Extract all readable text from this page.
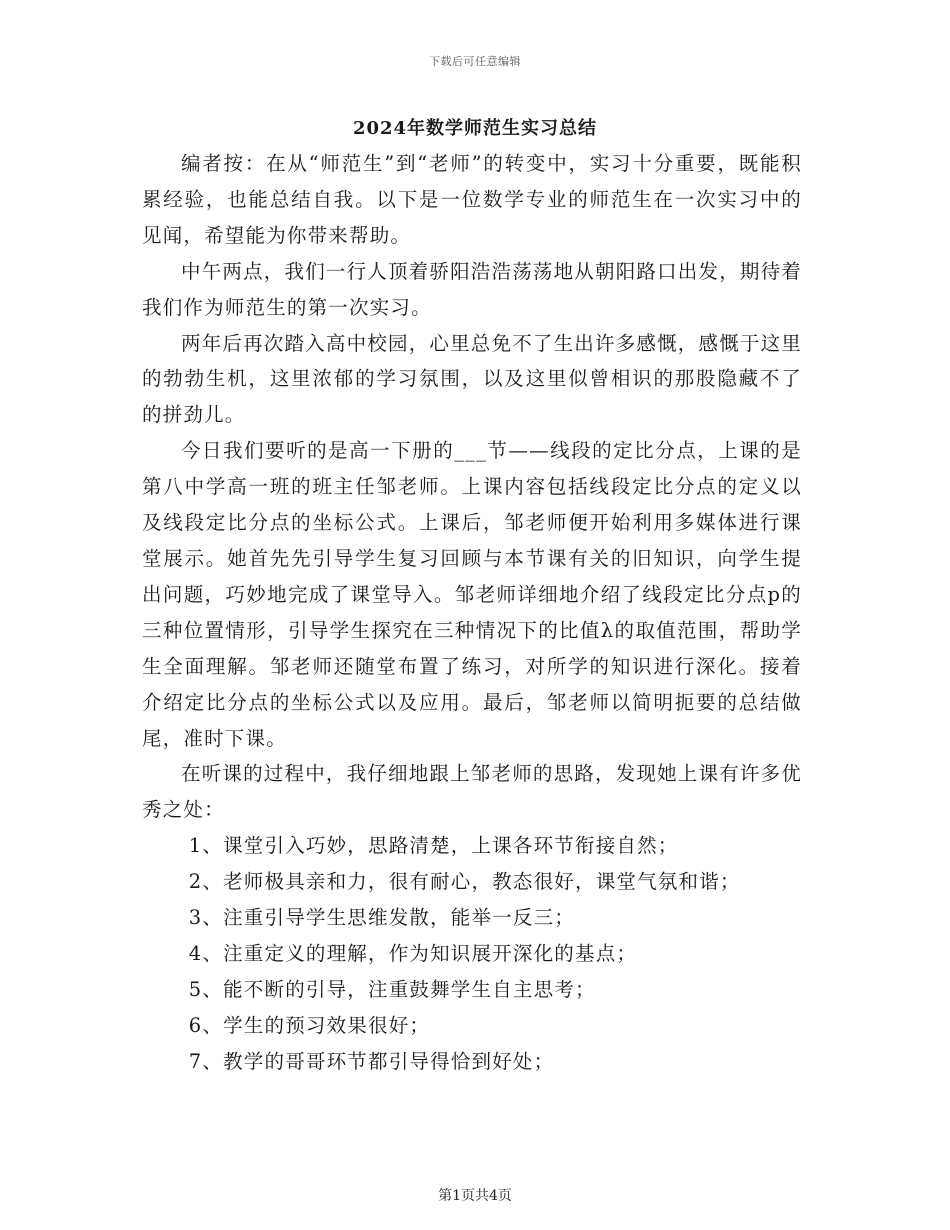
下载后可任意编辑
2024年数学师范生实习总结

编者按：在从“师范生”到“老师”的转变中，实习十分重要，既能积累经验，也能总结自我。以下是一位数学专业的师范生在一次实习中的见闻，希望能为你带来帮助。

中午两点，我们一行人顶着骄阳浩浩荡荡地从朝阳路口出发，期待着我们作为师范生的第一次实习。

两年后再次踏入高中校园，心里总免不了生出许多感慨，感慨于这里的勃勃生机，这里浓郁的学习氛围，以及这里似曾相识的那股隐藏不了的拼劲儿。

今日我们要听的是高一下册的___节——线段的定比分点，上课的是第八中学高一班的班主任邹老师。上课内容包括线段定比分点的定义以及线段定比分点的坐标公式。上课后，邹老师便开始利用多媒体进行课堂展示。她首先先引导学生复习回顾与本节课有关的旧知识，向学生提出问题，巧妙地完成了课堂导入。邹老师详细地介绍了线段定比分点p的三种位置情形，引导学生探究在三种情况下的比值λ的取值范围，帮助学生全面理解。邹老师还随堂布置了练习，对所学的知识进行深化。接着介绍定比分点的坐标公式以及应用。最后，邹老师以简明扼要的总结做尾，准时下课。

在听课的过程中，我仔细地跟上邹老师的思路，发现她上课有许多优秀之处：

1、课堂引入巧妙，思路清楚，上课各环节衔接自然；

2、老师极具亲和力，很有耐心，教态很好，课堂气氛和谐；

3、注重引导学生思维发散，能举一反三；

4、注重定义的理解，作为知识展开深化的基点；

5、能不断的引导，注重鼓舞学生自主思考；

6、学生的预习效果很好；

7、教学的哥哥环节都引导得恰到好处；

第1页共4页
